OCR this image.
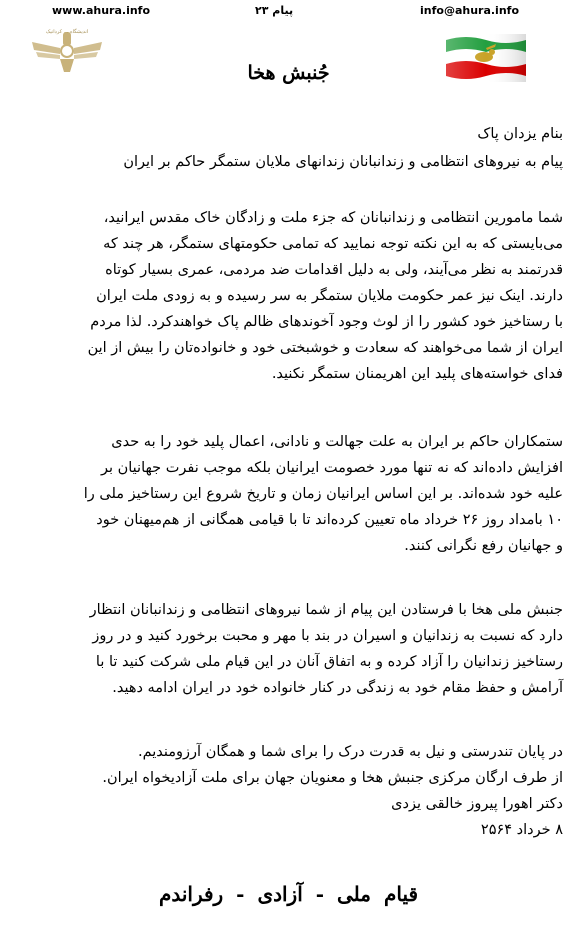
www.ahura.info	پیام ۲۳	info@ahura.info
اندیشگاه ... کردانیک
جُنبش هخا
بنام یزدان پاک
پیام به نیروهای انتظامی و زندانبانان زندانهای ملایان ستمگر حاکم بر ایران
شما مامورین انتظامی و زندانبانان که جزء ملت و زادگان خاک مقدس ایرانید،
می‌بایستی که به این نکته توجه نمایید که تمامی حکومتهای ستمگر، هر چند که
قدرتمند به نظر می‌آیند، ولی به دلیل اقدامات ضد مردمی، عمری بسیار کوتاه
دارند. اینک نیز عمر حکومت ملایان ستمگر به سر رسیده و به زودی ملت ایران
با رستاخیز خود کشور را از لوث وجود آخوندهای ظالم پاک خواهندکرد. لذا مردم
ایران از شما می‌خواهند که سعادت و خوشبختی خود و خانواده‌تان را بیش از این
فدای خواسته‌های پلید این اهریمنان ستمگر نکنید.
ستمکاران حاکم بر ایران به علت جهالت و نادانی، اعمال پلید خود را به حدی
افزایش داده‌اند که نه تنها مورد خصومت ایرانیان بلکه موجب نفرت جهانیان بر
علیه خود شده‌اند. بر این اساس ایرانیان زمان و تاریخ شروع این رستاخیز ملی را
۱۰ بامداد روز ۲۶ خرداد ماه تعیین کرده‌اند تا با قیامی همگانی از هم‌میهنان خود
و جهانیان رفع نگرانی کنند.
جنبش ملی هخا با فرستادن این پیام از شما نیروهای انتظامی و زندانبانان انتظار
دارد که نسبت به زندانیان و اسیران در بند با مهر و محبت برخورد کنید و در روز
رستاخیز زندانیان را آزاد کرده و به اتفاق آنان در این قیام ملی شرکت کنید تا با
آرامش و حفظ مقام خود به زندگی در کنار خانواده خود در ایران ادامه دهید.
در پایان تندرستی و نیل به قدرت درک را برای شما و همگان آرزومندیم.
از طرف ارگان مرکزی جنبش هخا و معنویان جهان برای ملت آزادیخواه ایران.
دکتر اهورا پیروز خالقی یزدی
۸ خرداد ۲۵۶۴
قیام ملی - آزادی - رفراندم
